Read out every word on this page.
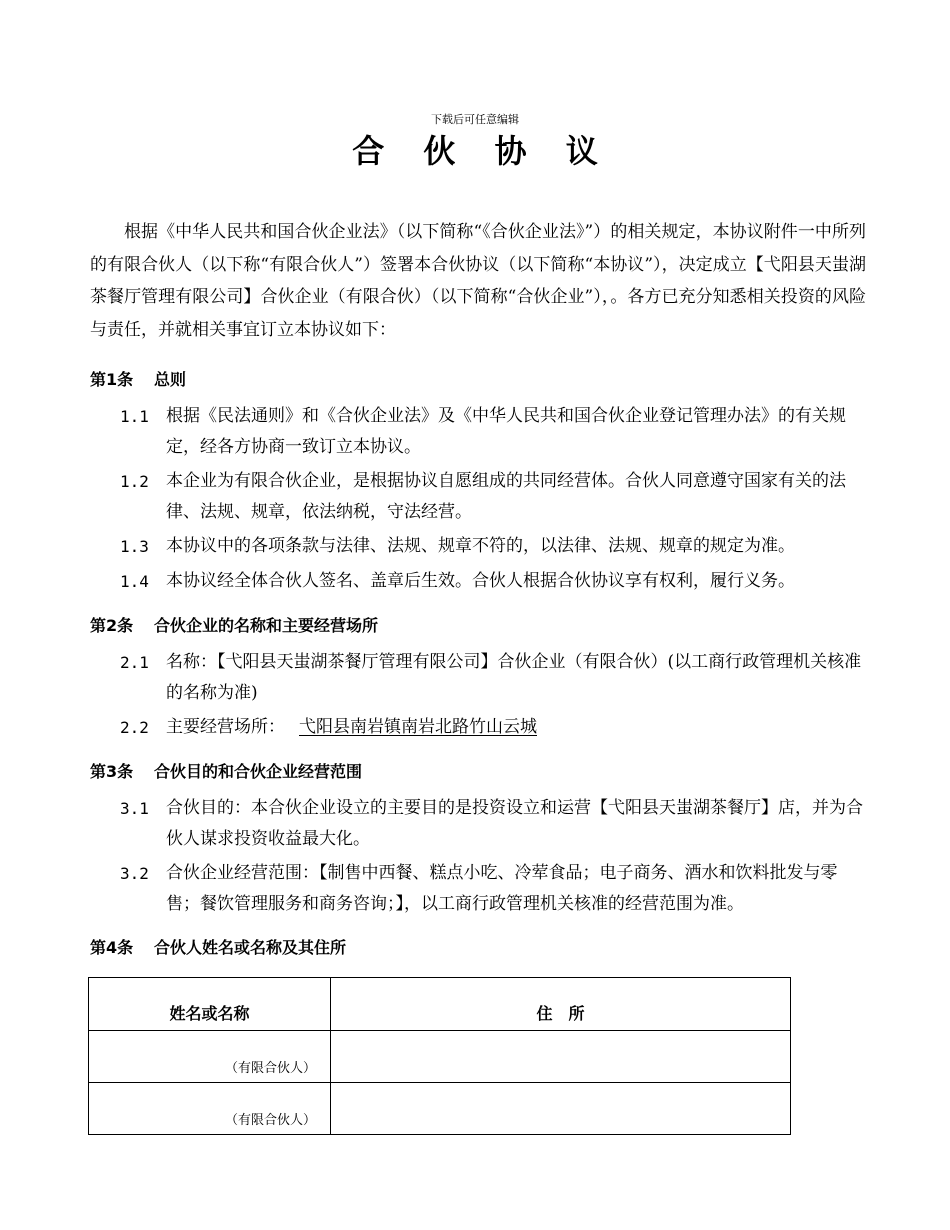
下载后可任意编辑
合 伙 协 议
根据《中华人民共和国合伙企业法》（以下简称“《合伙企业法》”）的相关规定，本协议附件一中所列的有限合伙人（以下称“有限合伙人”）签署本合伙协议（以下简称“本协议”），决定成立【弋阳县天蚩湖茶餐厅管理有限公司】合伙企业（有限合伙）（以下简称“合伙企业”），。各方已充分知悉相关投资的风险与责任，并就相关事宜订立本协议如下：
第1条 总则
1.1	根据《民法通则》和《合伙企业法》及《中华人民共和国合伙企业登记管理办法》的有关规定，经各方协商一致订立本协议。
1.2	本企业为有限合伙企业，是根据协议自愿组成的共同经营体。合伙人同意遵守国家有关的法律、法规、规章，依法纳税，守法经营。
1.3	本协议中的各项条款与法律、法规、规章不符的，以法律、法规、规章的规定为准。
1.4	本协议经全体合伙人签名、盖章后生效。合伙人根据合伙协议享有权利，履行义务。
第2条 合伙企业的名称和主要经营场所
2.1	名称：【弋阳县天蚩湖茶餐厅管理有限公司】合伙企业（有限合伙）(以工商行政管理机关核准的名称为准)
2.2	主要经营场所： 弋阳县南岩镇南岩北路竹山云城
第3条 合伙目的和合伙企业经营范围
3.1	合伙目的：本合伙企业设立的主要目的是投资设立和运营【弋阳县天蚩湖茶餐厅】店，并为合伙人谋求投资收益最大化。
3.2	合伙企业经营范围：【制售中西餐、糕点小吃、冷荤食品；电子商务、酒水和饮料批发与零售；餐饮管理服务和商务咨询；】，以工商行政管理机关核准的经营范围为准。
第4条 合伙人姓名或名称及其住所
姓名或名称	住　所
（有限合伙人）	
（有限合伙人）	
